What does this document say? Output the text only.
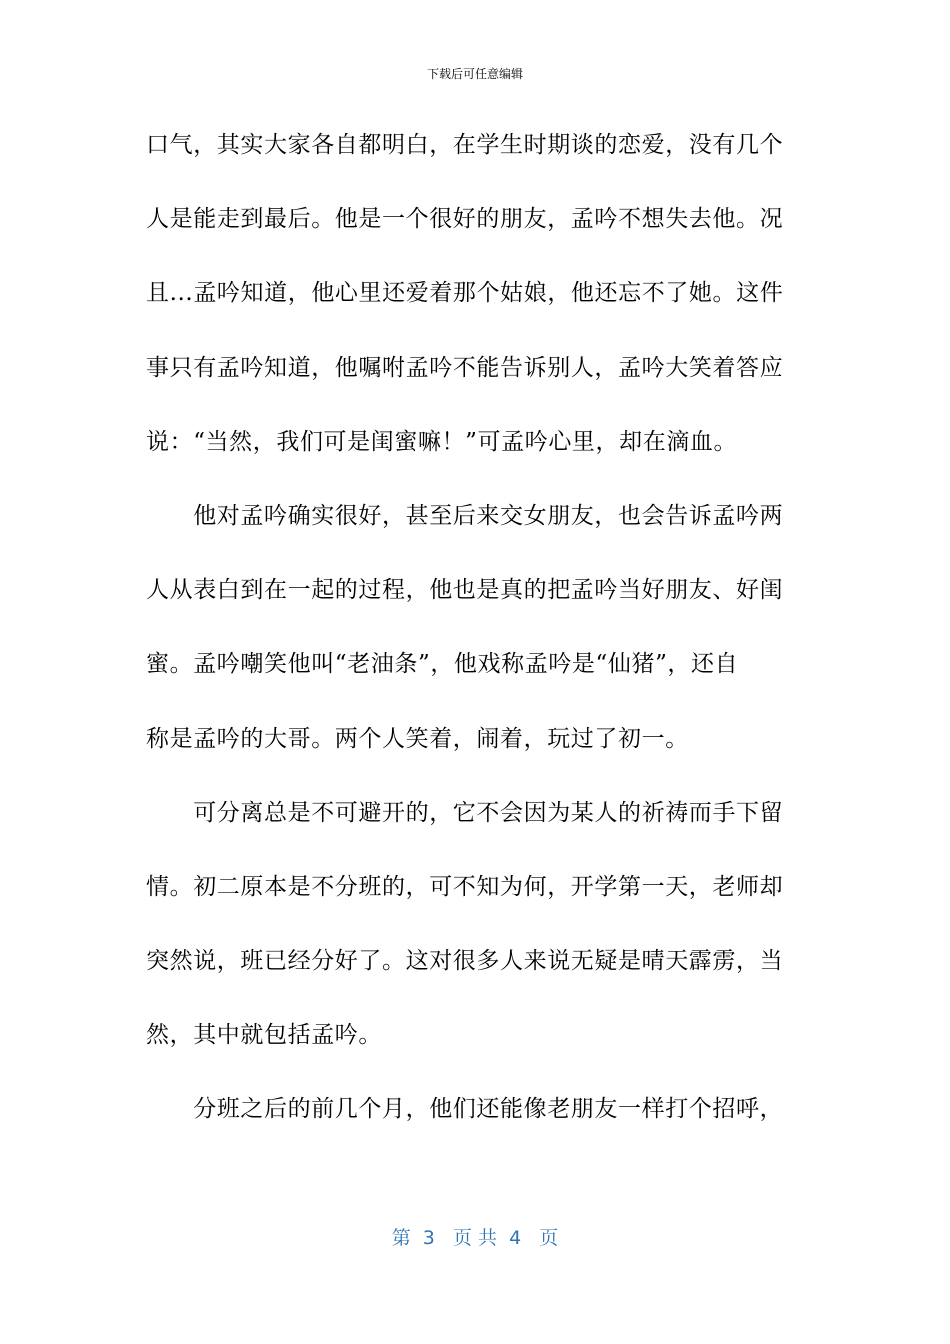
下载后可任意编辑
口气，其实大家各自都明白，在学生时期谈的恋爱，没有几个
人是能走到最后。他是一个很好的朋友，孟吟不想失去他。况
且...孟吟知道，他心里还爱着那个姑娘，他还忘不了她。这件
事只有孟吟知道，他嘱咐孟吟不能告诉别人，孟吟大笑着答应
说：“当然，我们可是闺蜜嘛！”可孟吟心里，却在滴血。
　　他对孟吟确实很好，甚至后来交女朋友，也会告诉孟吟两
人从表白到在一起的过程，他也是真的把孟吟当好朋友、好闺
蜜。孟吟嘲笑他叫“老油条”，他戏称孟吟是“仙猪”，还自
称是孟吟的大哥。两个人笑着，闹着，玩过了初一。
　　可分离总是不可避开的，它不会因为某人的祈祷而手下留
情。初二原本是不分班的，可不知为何，开学第一天，老师却
突然说，班已经分好了。这对很多人来说无疑是晴天霹雳，当
然，其中就包括孟吟。
　　分班之后的前几个月，他们还能像老朋友一样打个招呼，
第  3   页 共  4   页
